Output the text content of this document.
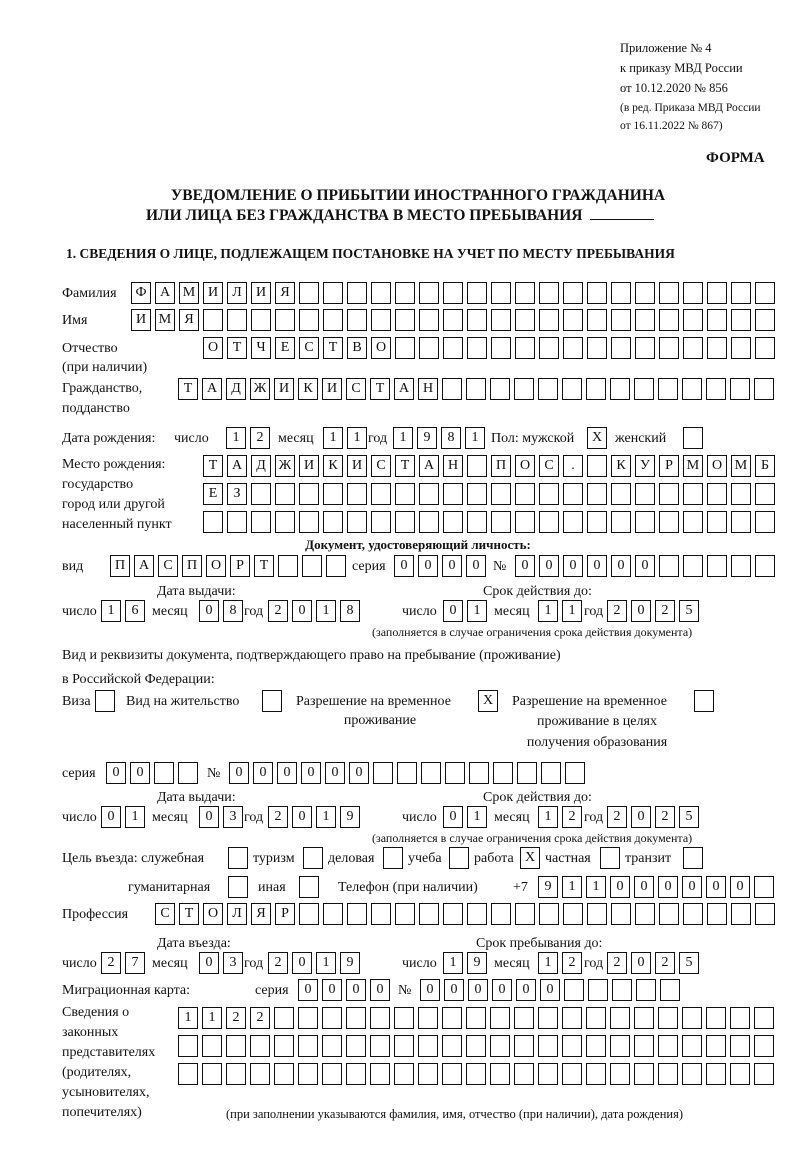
Приложение № 4
к приказу МВД России
от 10.12.2020 № 856
(в ред. Приказа МВД России
от 16.11.2022 № 867)
ФОРМА
УВЕДОМЛЕНИЕ О ПРИБЫТИИ ИНОСТРАННОГО ГРАЖДАНИНА
ИЛИ ЛИЦА БЕЗ ГРАЖДАНСТВА В МЕСТО ПРЕБЫВАНИЯ
1. СВЕДЕНИЯ О ЛИЦЕ, ПОДЛЕЖАЩЕМ ПОСТАНОВКЕ НА УЧЕТ ПО МЕСТУ ПРЕБЫВАНИЯ
Фамилия	Ф А М И	Л	И	Я
Имя	И М Я
Отчество
(при наличии)
О	Т	Ч	Е	С	Т	В	О
Гражданство,
подданство
Т	А	Д Ж И	К	И	С	Т	А Н
Дата рождения: число	1	2	месяц	1	1 год 1	9	8	1 Пол: мужской	X женский
Место рождения:
государство
город или другой
населенный пункт
Т	А	Д Ж И	К	И	С	Т	А Н	П О	С	.	К	У	Р М О М Б
Е	З
Документ, удостоверяющий личность:
вид	П А	С	П О	Р	Т	серия	0	0	0	0 №	0	0	0	0	0	0
Дата выдачи:	Срок действия до:
число 1	6 месяц	0	8 год 2	0	1	8	число 0	1 месяц	1	1 год 2	0	2	5
(заполняется в случае ограничения срока действия документа)
Вид и реквизиты документа, подтверждающего право на пребывание (проживание)
в Российской Федерации:
Виза	Вид на жительство	Разрешение на временное
проживание
X	Разрешение на временное
проживание в целях
получения образования
серия	0	0	№	0	0	0	0	0	0
Дата выдачи:	Срок действия до:
число 0	1 месяц	0	3 год 2	0	1	9	число 0	1 месяц	1	2 год 2	0	2	5
(заполняется в случае ограничения срока действия документа)
Цель въезда: служебная	туризм деловая учеба работа X частная транзит
гуманитарная	иная	Телефон (при наличии)	+7	9	1	1	0	0	0	0	0	0
Профессия	С	Т	О	Л	Я	Р
Дата въезда:	Срок пребывания до:
число 2	7 месяц	0	3 год 2	0	1	9	число 1	9 месяц	1	2 год 2	0	2	5
Миграционная карта:	серия	0	0	0	0	№	0	0	0	0	0	0
Сведения о
законных
представителях
(родителях,
усыновителях,
попечителях)
1	1	2	2
(при заполнении указываются фамилия, имя, отчество (при наличии), дата рождения)
